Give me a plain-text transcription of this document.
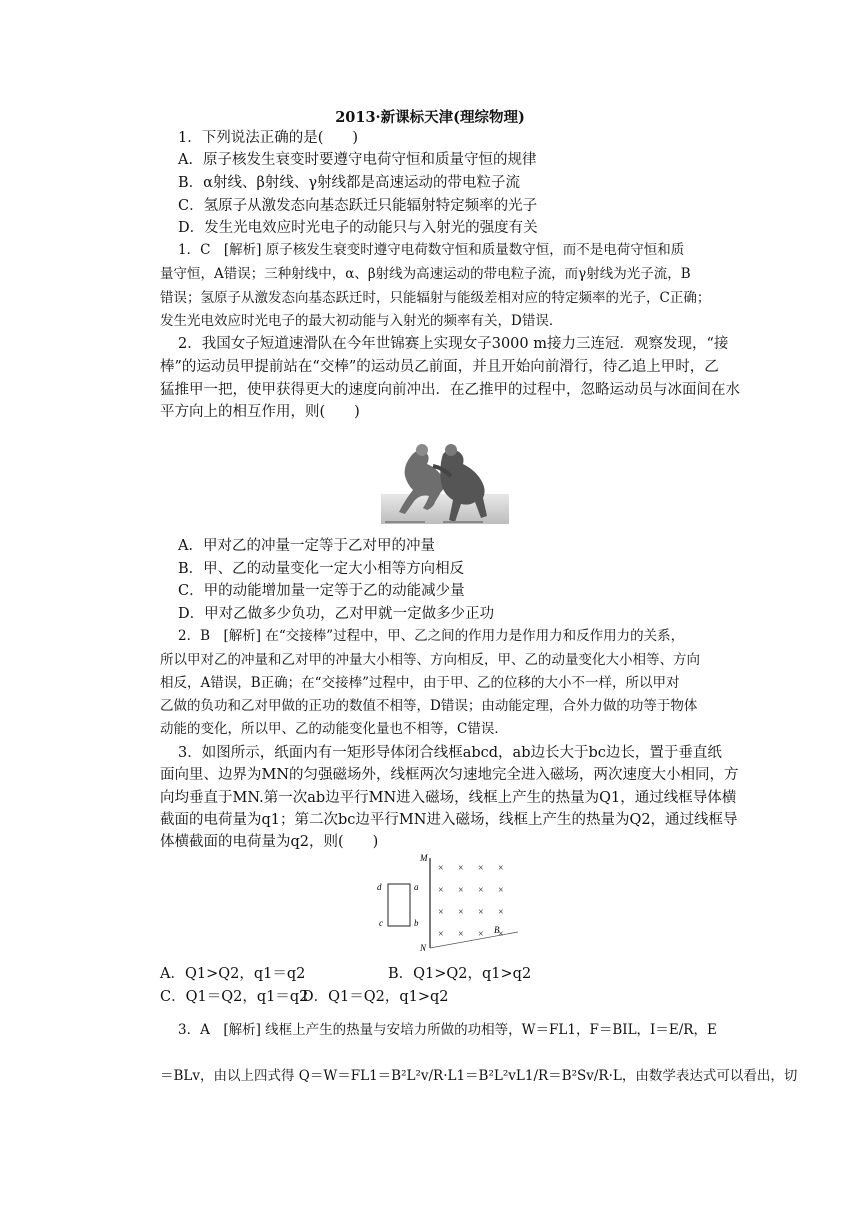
2013·新课标天津(理综物理)
1．下列说法正确的是(　　)
A．原子核发生衰变时要遵守电荷守恒和质量守恒的规律
B．α射线、β射线、γ射线都是高速运动的带电粒子流
C．氢原子从激发态向基态跃迁只能辐射特定频率的光子
D．发生光电效应时光电子的动能只与入射光的强度有关
1．C　[解析] 原子核发生衰变时遵守电荷数守恒和质量数守恒，而不是电荷守恒和质
量守恒，A错误；三种射线中，α、β射线为高速运动的带电粒子流，而γ射线为光子流，B
错误；氢原子从激发态向基态跃迁时，只能辐射与能级差相对应的特定频率的光子，C正确；
发生光电效应时光电子的最大初动能与入射光的频率有关，D错误．
2．我国女子短道速滑队在今年世锦赛上实现女子3000 m接力三连冠．观察发现，“接
棒”的运动员甲提前站在“交棒”的运动员乙前面，并且开始向前滑行，待乙追上甲时，乙
猛推甲一把，使甲获得更大的速度向前冲出．在乙推甲的过程中，忽略运动员与冰面间在水
平方向上的相互作用，则(　　)
A．甲对乙的冲量一定等于乙对甲的冲量
B．甲、乙的动量变化一定大小相等方向相反
C．甲的动能增加量一定等于乙的动能减少量
D．甲对乙做多少负功，乙对甲就一定做多少正功
2．B　[解析] 在“交接棒”过程中，甲、乙之间的作用力是作用力和反作用力的关系，
所以甲对乙的冲量和乙对甲的冲量大小相等、方向相反，甲、乙的动量变化大小相等、方向
相反，A错误，B正确；在“交接棒”过程中，由于甲、乙的位移的大小不一样，所以甲对
乙做的负功和乙对甲做的正功的数值不相等，D错误；由动能定理，合外力做的功等于物体
动能的变化，所以甲、乙的动能变化量也不相等，C错误．
3．如图所示，纸面内有一矩形导体闭合线框abcd，ab边长大于bc边长，置于垂直纸
面向里、边界为MN的匀强磁场外，线框两次匀速地完全进入磁场，两次速度大小相同，方
向均垂直于MN.第一次ab边平行MN进入磁场，线框上产生的热量为Q1，通过线框导体横
截面的电荷量为q1；第二次bc边平行MN进入磁场，线框上产生的热量为Q2，通过线框导
体横截面的电荷量为q2，则(　　)
M
N
a
b
c
d
B
× × × ×
× × × ×
× × × ×
× × × ×
A．Q1>Q2，q1＝q2	B．Q1>Q2，q1>q2
C．Q1＝Q2，q1＝q2
D．Q1＝Q2，q1>q2
3．A　[解析] 线框上产生的热量与安培力所做的功相等，W＝FL1，F＝BIL，I＝E/R，E
＝BLv，由以上四式得 Q＝W＝FL1＝B²L²v/R·L1＝B²L²vL1/R＝B²Sv/R·L，由数学表达式可以看出，切
